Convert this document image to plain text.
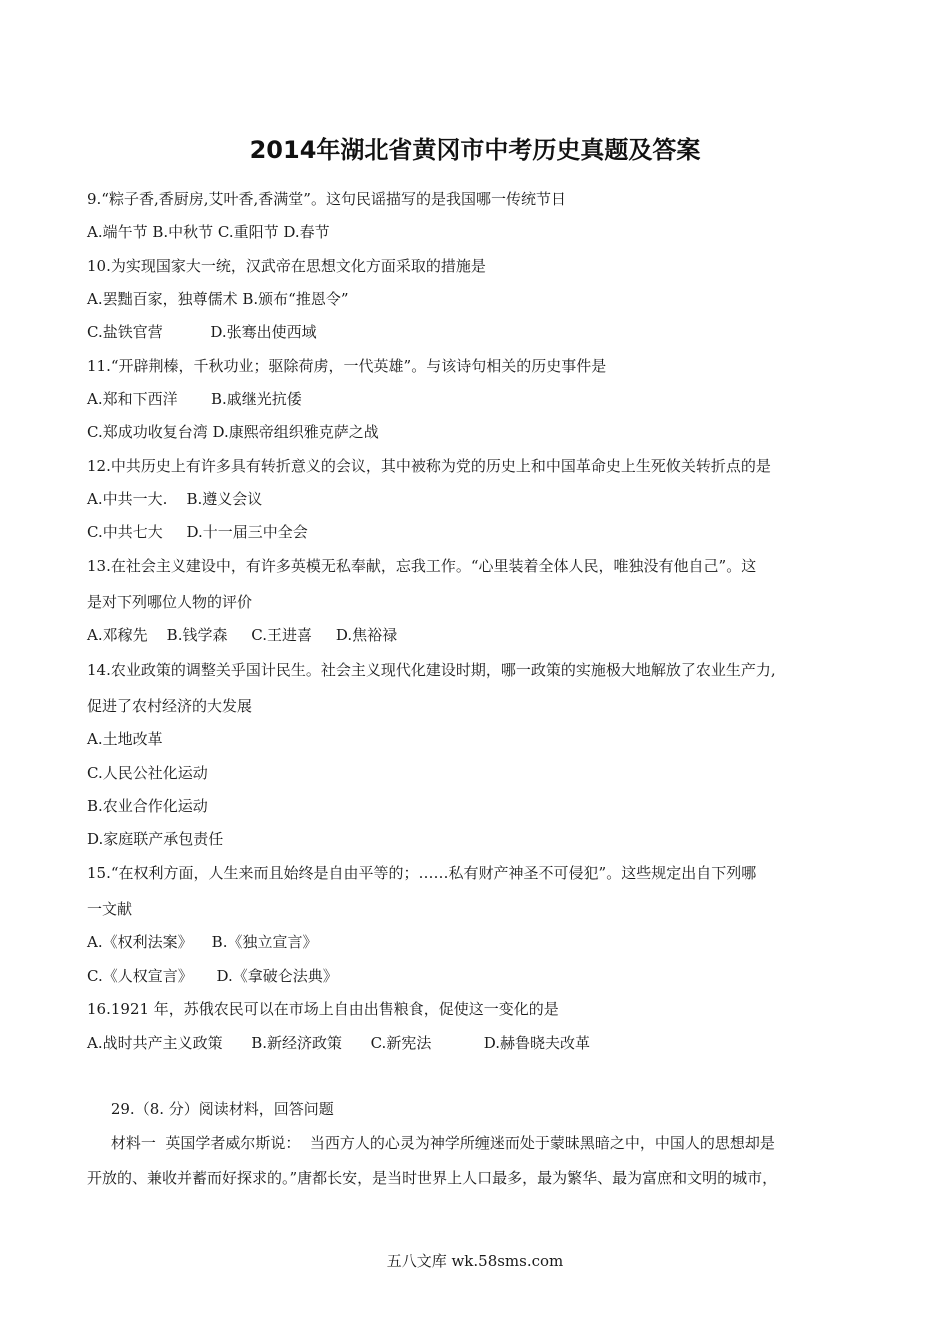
2014年湖北省黄冈市中考历史真题及答案
9.“粽子香,香厨房,艾叶香,香满堂”。这句民谣描写的是我国哪一传统节日
A.端午节 B.中秋节 C.重阳节 D.春节
10.为实现国家大一统，汉武帝在思想文化方面采取的措施是
A.罢黜百家，独尊儒术 B.颁布“推恩令”
C.盐铁官营          D.张骞出使西域
11.“开辟荆榛，千秋功业；驱除荷虏，一代英雄”。与该诗句相关的历史事件是
A.郑和下西洋       B.戚继光抗倭
C.郑成功收复台湾 D.康熙帝组织雅克萨之战
12.中共历史上有许多具有转折意义的会议，其中被称为党的历史上和中国革命史上生死攸关转折点的是
A.中共一大.    B.遵义会议
C.中共七大     D.十一届三中全会
13.在社会主义建设中，有许多英模无私奉献，忘我工作。“心里装着全体人民，唯独没有他自己”。这
是对下列哪位人物的评价
A.邓稼先    B.钱学森     C.王进喜     D.焦裕禄
14.农业政策的调整关乎国计民生。社会主义现代化建设时期，哪一政策的实施极大地解放了农业生产力,
促进了农村经济的大发展
A.土地改革
C.人民公社化运动
B.农业合作化运动
D.家庭联产承包责任
15.“在权利方面，人生来而且始终是自由平等的；……私有财产神圣不可侵犯”。这些规定出自下列哪
一文献
A.《权利法案》    B.《独立宣言》
C.《人权宣言》     D.《拿破仑法典》
16.1921 年，苏俄农民可以在市场上自由出售粮食，促使这一变化的是
A.战时共产主义政策      B.新经济政策      C.新宪法           D.赫鲁晓夫改革
29.（8. 分）阅读材料，回答问题
材料一  英国学者威尔斯说：  当西方人的心灵为神学所缠迷而处于蒙昧黑暗之中，中国人的思想却是
开放的、兼收并蓄而好探求的。”唐都长安，是当时世界上人口最多，最为繁华、最为富庶和文明的城市，
五八文库 wk.58sms.com
